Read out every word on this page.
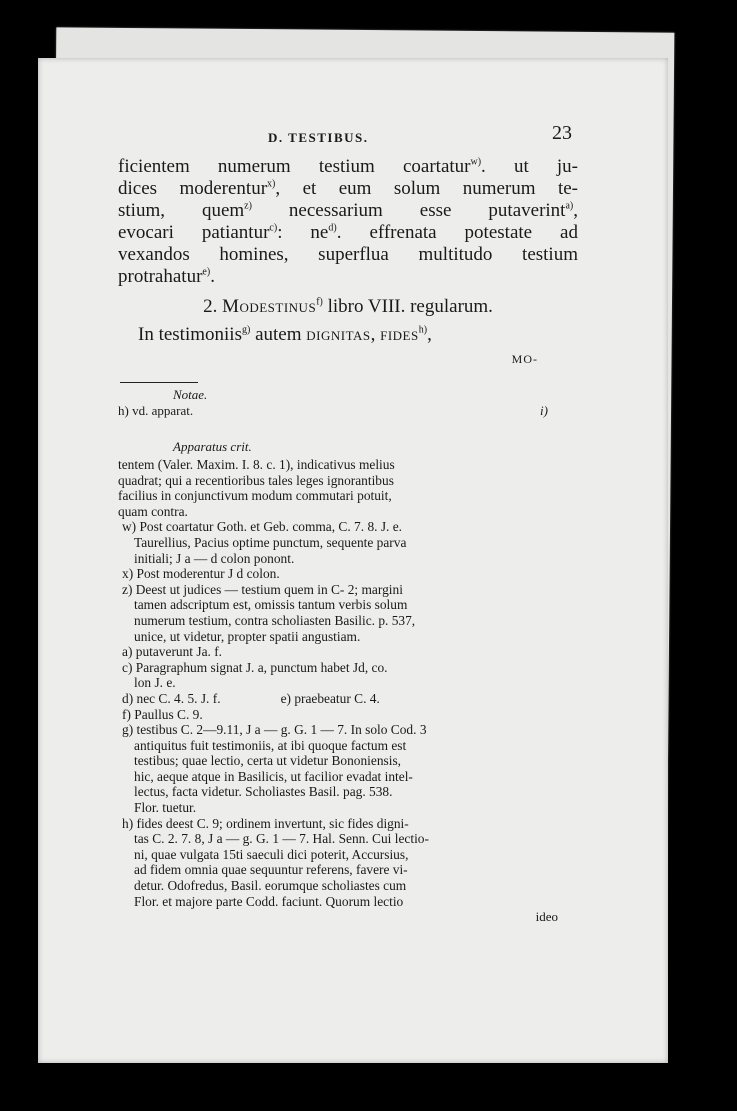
D. TESTIBUS.	23

ficientem numerum testium coartatur$^{w)}$. ut ju-
dices moderentur$^{x)}$, et eum solum numerum te-
stium, quem$^{z)}$ necessarium esse putaverint$^{a)}$,
evocari patiantur$^{c)}$: $ne^{d)}$. effrenata potestate ad
vexandos homines, superflua multitudo testium
protrahatur$^{e)}$.

2. Modestinus$^{f)}$ libro VIII. regularum.

In testimoniis$^{g)}$ autem dignitas, fides$^{h)}$,

MO-
Notae.
h) vd. apparat.	i)
Apparatus crit.
tentem (Valer. Maxim. I. 8. c. 1), indicativus melius
quadrat; qui a recentioribus tales leges ignorantibus
facilius in conjunctivum modum commutari potuit,
quam contra.
w) Post coartatur Goth. et Geb. comma, C. 7. 8. J. e.
Taurellius, Pacius optime punctum, sequente parva
initiali; J a — d colon ponont.
x) Post moderentur J d colon.
z) Deest ut judices — testium quem in C- 2; margini
tamen adscriptum est, omissis tantum verbis solum
numerum testium, contra scholiasten Basilic. p. 537,
unice, ut videtur, propter spatii angustiam.
a) putaverunt Ja. f.
c) Paragraphum signat J. a, punctum habet Jd, co.
lon J. e.
d) nec C. 4. 5. J. f.	e) praebeatur C. 4.
f) Paullus C. 9.
g) testibus C. 2—9.11, J a — g. G. 1 — 7. In solo Cod. 3
antiquitus fuit testimoniis, at ibi quoque factum est
testibus; quae lectio, certa ut videtur Bononiensis,
hic, aeque atque in Basilicis, ut facilior evadat intel-
lectus, facta videtur. Scholiastes Basil. pag. 538.
Flor. tuetur.
h) fides deest C. 9; ordinem invertunt, sic fides digni-
tas C. 2. 7. 8, J a — g. G. 1 — 7. Hal. Senn. Cui lectio-
ni, quae vulgata 15ti saeculi dici poterit, Accursius,
ad fidem omnia quae sequuntur referens, favere vi-
detur. Odofredus, Basil. eorumque scholiastes cum
Flor. et majore parte Codd. faciunt. Quorum lectio
ideo
